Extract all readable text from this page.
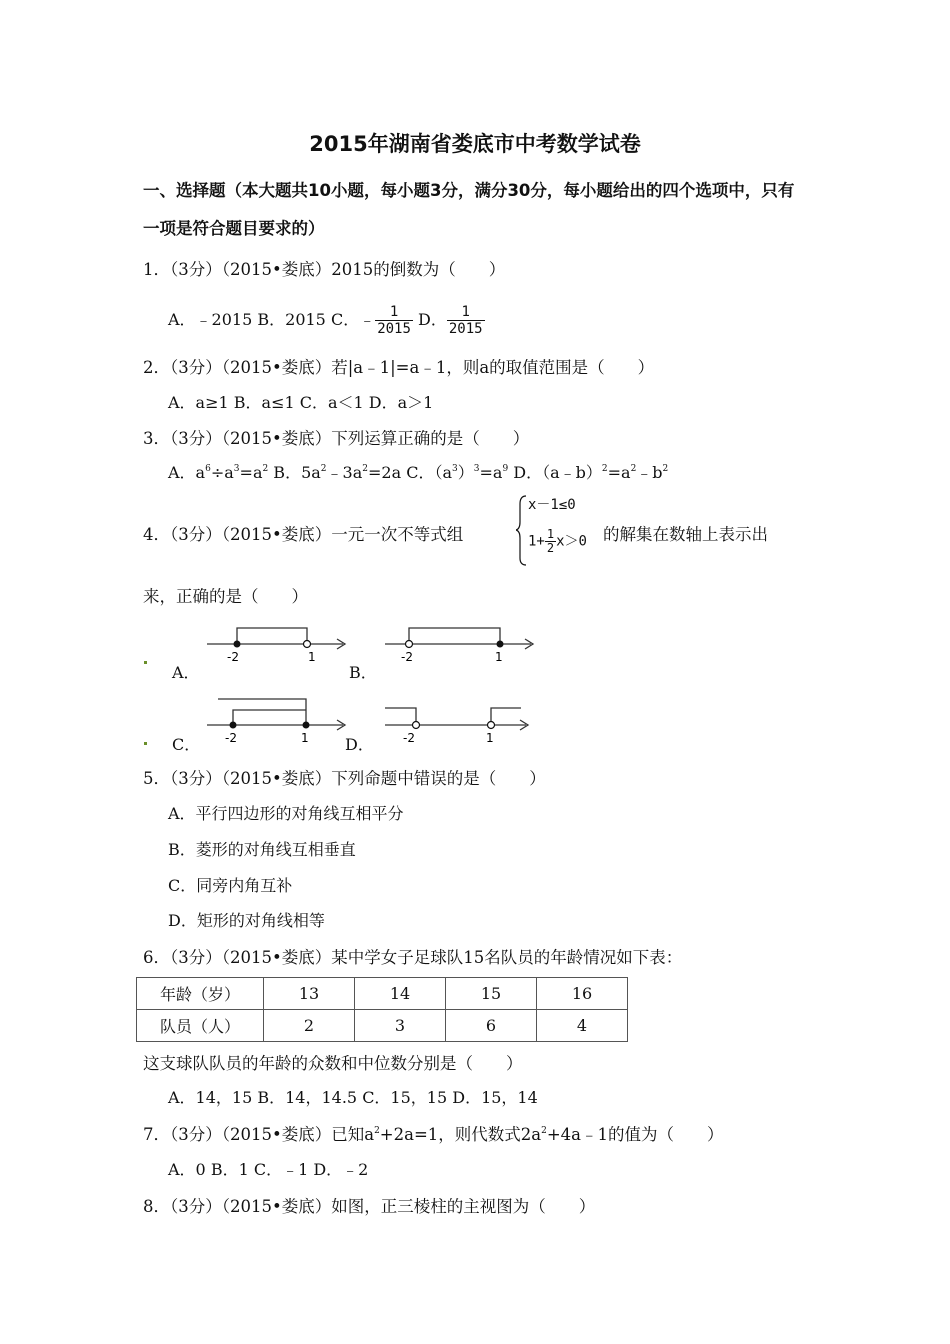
2015年湖南省娄底市中考数学试卷
一、选择题（本大题共10小题，每小题3分，满分30分，每小题给出的四个选项中，只有一项是符合题目要求的）
1．（3分）（2015•娄底）2015的倒数为（　　）
A．﹣2015 B．2015 C．﹣ $\frac{1}{2015}$ D． $\frac{1}{2015}$
2．（3分）（2015•娄底）若|a﹣1|=a﹣1，则a的取值范围是（　　）
A．a≥1 B．a≤1 C．a＜1 D．a＞1
3．（3分）（2015•娄底）下列运算正确的是（　　）
A．$a^6\div a^3=a^2$ B．$5a^2﹣3a^2=2a$ C．$(a^3)^3=a^9$ D．$(a﹣b)^2=a^2﹣b^2$
4．（3分）（2015•娄底）一元一次不等式组
x－1≤0
$1+ \frac{1}{2} x>0$ 的解集在数轴上表示出
来，正确的是（　　）
A．
-2	1
B．
-2	1
C． -2	1 D． -2	1
5．（3分）（2015•娄底）下列命题中错误的是（　　）
A．平行四边形的对角线互相平分
B．菱形的对角线互相垂直
C．同旁内角互补
D．矩形的对角线相等
6．（3分）（2015•娄底）某中学女子足球队15名队员的年龄情况如下表：
年龄（岁）	13	14	15	16
队员（人）	2	3	6	4
这支球队队员的年龄的众数和中位数分别是（　　）
A．14，15 B．14，14.5 C．15，15 D．15，14
7．（3分）（2015•娄底）已知$a^2+2a=1$，则代数式$2a^2+4a﹣1$的值为（　　）
A．0 B．1 C．﹣1 D．﹣2
8．（3分）（2015•娄底）如图，正三棱柱的主视图为（　　）
